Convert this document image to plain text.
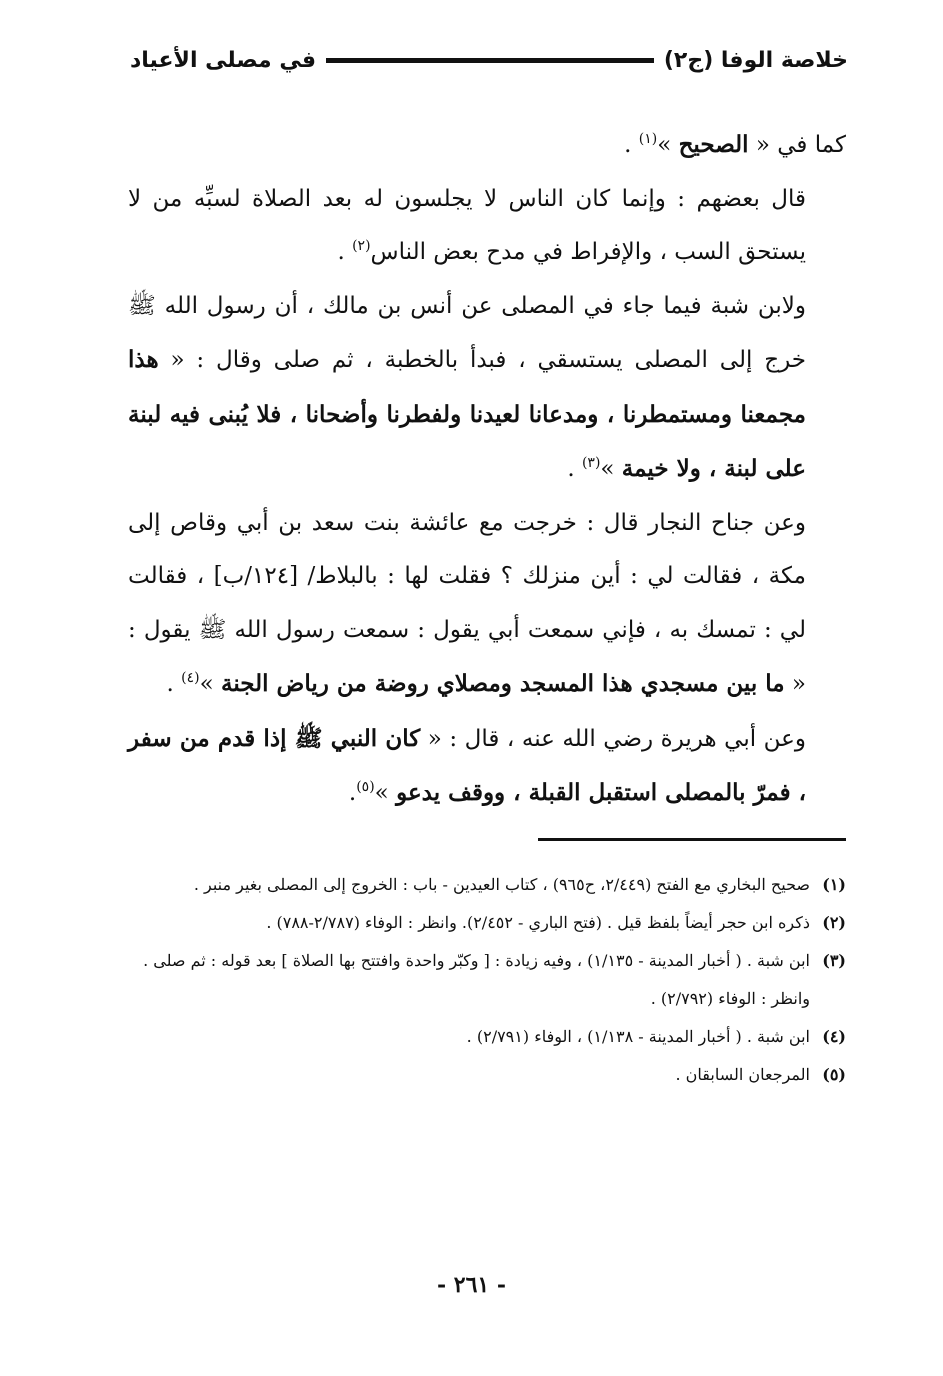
خلاصة الوفا (ج٢)
في مصلى الأعياد

كما في « الصحيح »$^{(١)}$ .

قال بعضهم : وإنما كان الناس لا يجلسون له بعد الصلاة لسبِّه من لا يستحق السب ، والإفراط في مدح بعض الناس$^{(٢)}$ .

ولابن شبة فيما جاء في المصلى عن أنس بن مالك ، أن رسول الله ﷺ خرج إلى المصلى يستسقي ، فبدأ بالخطبة ، ثم صلى وقال : « هذا مجمعنا ومستمطرنا ، ومدعانا لعيدنا ولفطرنا وأضحانا ، فلا يُبنى فيه لبنة على لبنة ، ولا خيمة »$^{(٣)}$ .

وعن جناح النجار قال : خرجت مع عائشة بنت سعد بن أبي وقاص إلى مكة ، فقالت لي : أين منزلك ؟ فقلت لها : بالبلاط/ [١٢٤/ب] ، فقالت لي : تمسك به ، فإني سمعت أبي يقول : سمعت رسول الله ﷺ يقول : « ما بين مسجدي هذا المسجد ومصلاي روضة من رياض الجنة »$^{(٤)}$ .

وعن أبي هريرة رضي الله عنه ، قال : « كان النبي ﷺ إذا قدم من سفر ، فمرّ بالمصلى استقبل القبلة ، ووقف يدعو »$^{(٥)}$.

(١)
صحيح البخاري مع الفتح (٢/٤٤٩، ح٩٦٥) ، كتاب العيدين - باب : الخروج إلى المصلى بغير منبر .
(٢)
ذكره ابن حجر أيضاً بلفظ قيل . (فتح الباري - ٢/٤٥٢). وانظر : الوفاء (٢/٧٨٧-٧٨٨) .
(٣)
ابن شبة . ( أخبار المدينة - ١/١٣٥) ، وفيه زيادة : [ وكبّر واحدة وافتتح بها الصلاة ] بعد قوله : ثم صلى .

وانظر : الوفاء (٢/٧٩٢) .

(٤)
ابن شبة . ( أخبار المدينة - ١/١٣٨) ، الوفاء (٢/٧٩١) .
(٥)
المرجعان السابقان .
- ٢٦١ -
